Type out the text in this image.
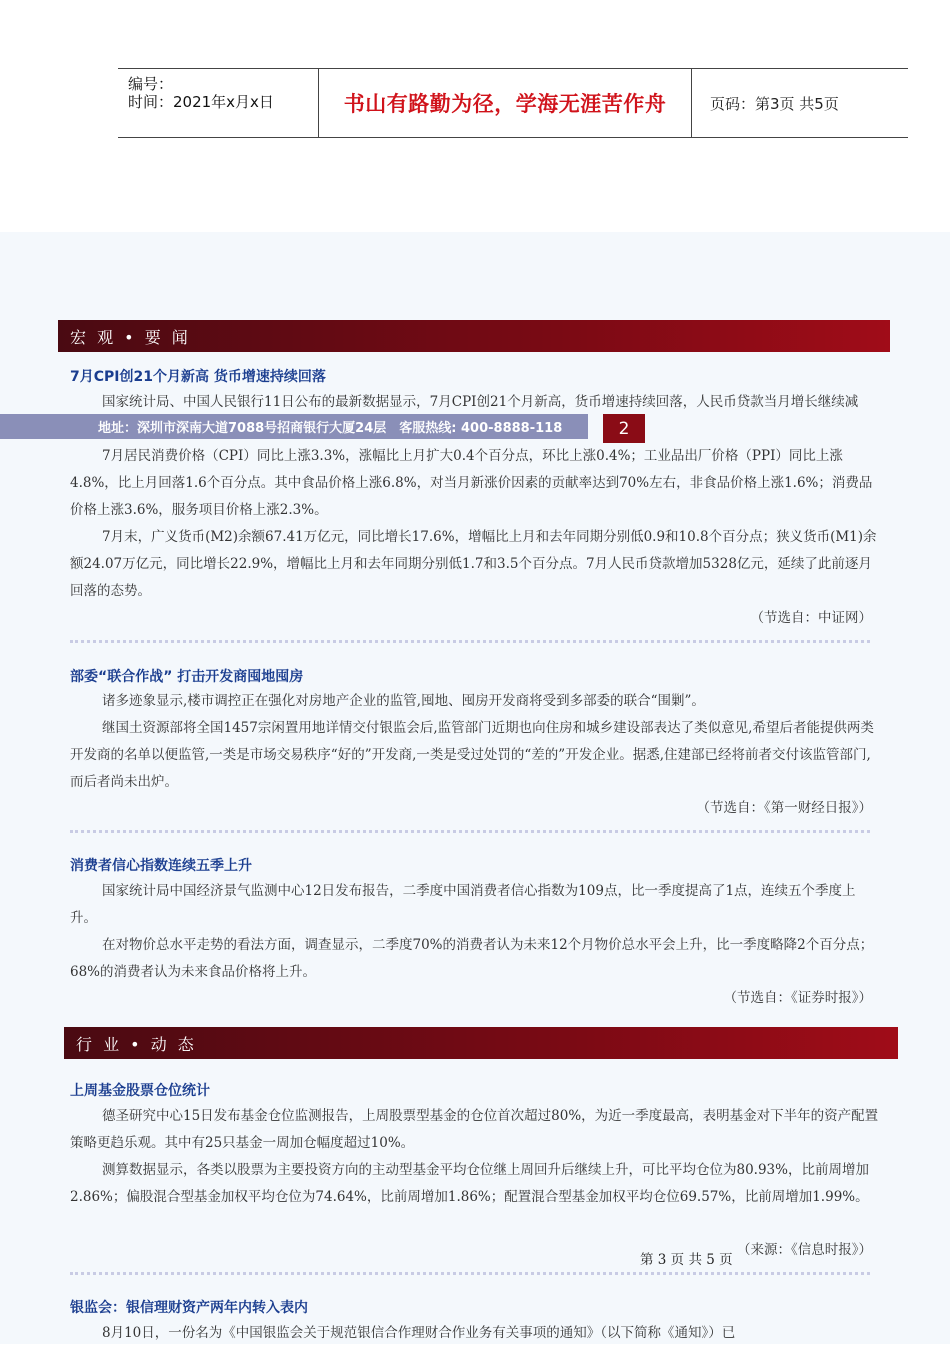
编号：
时间：2021年x月x日	书山有路勤为径，学海无涯苦作舟	页码：第3页 共5页
宏 观 • 要 闻
7月CPI创21个月新高 货币增速持续回落

国家统计局、中国人民银行11日公布的最新数据显示，7月CPI创21个月新高，货币增速持续回落，人民币贷款当月增长继续减

地址：深圳市深南大道7088号招商银行大厦24层　客服热线: 400-8888-118	2

7月居民消费价格（CPI）同比上涨3.3%，涨幅比上月扩大0.4个百分点，环比上涨0.4%；工业品出厂价格（PPI）同比上涨4.8%，比上月回落1.6个百分点。其中食品价格上涨6.8%，对当月新涨价因素的贡献率达到70%左右，非食品价格上涨1.6%；消费品价格上涨3.6%，服务项目价格上涨2.3%。

7月末，广义货币(M2)余额67.41万亿元，同比增长17.6%，增幅比上月和去年同期分别低0.9和10.8个百分点；狭义货币(M1)余额24.07万亿元，同比增长22.9%，增幅比上月和去年同期分别低1.7和3.5个百分点。7月人民币贷款增加5328亿元，延续了此前逐月回落的态势。

（节选自：中证网）
部委“联合作战” 打击开发商囤地囤房

诸多迹象显示,楼市调控正在强化对房地产企业的监管,囤地、囤房开发商将受到多部委的联合“围剿”。

继国土资源部将全国1457宗闲置用地详情交付银监会后,监管部门近期也向住房和城乡建设部表达了类似意见,希望后者能提供两类开发商的名单以便监管,一类是市场交易秩序“好的”开发商,一类是受过处罚的“差的”开发企业。据悉,住建部已经将前者交付该监管部门,而后者尚未出炉。

（节选自：《第一财经日报》）
消费者信心指数连续五季上升

国家统计局中国经济景气监测中心12日发布报告，二季度中国消费者信心指数为109点，比一季度提高了1点，连续五个季度上升。

在对物价总水平走势的看法方面，调查显示，二季度70%的消费者认为未来12个月物价总水平会上升，比一季度略降2个百分点；68%的消费者认为未来食品价格将上升。

（节选自：《证券时报》）
行 业 • 动 态
上周基金股票仓位统计

德圣研究中心15日发布基金仓位监测报告，上周股票型基金的仓位首次超过80%，为近一季度最高，表明基金对下半年的资产配置策略更趋乐观。其中有25只基金一周加仓幅度超过10%。

测算数据显示，各类以股票为主要投资方向的主动型基金平均仓位继上周回升后继续上升，可比平均仓位为80.93%，比前周增加2.86%；偏股混合型基金加权平均仓位为74.64%，比前周增加1.86%；配置混合型基金加权平均仓位69.57%，比前周增加1.99%。

（来源：《信息时报》）
第 3 页 共 5 页
银监会：银信理财资产两年内转入表内

8月10日，一份名为《中国银监会关于规范银信合作理财合作业务有关事项的通知》（以下简称《通知》）已
